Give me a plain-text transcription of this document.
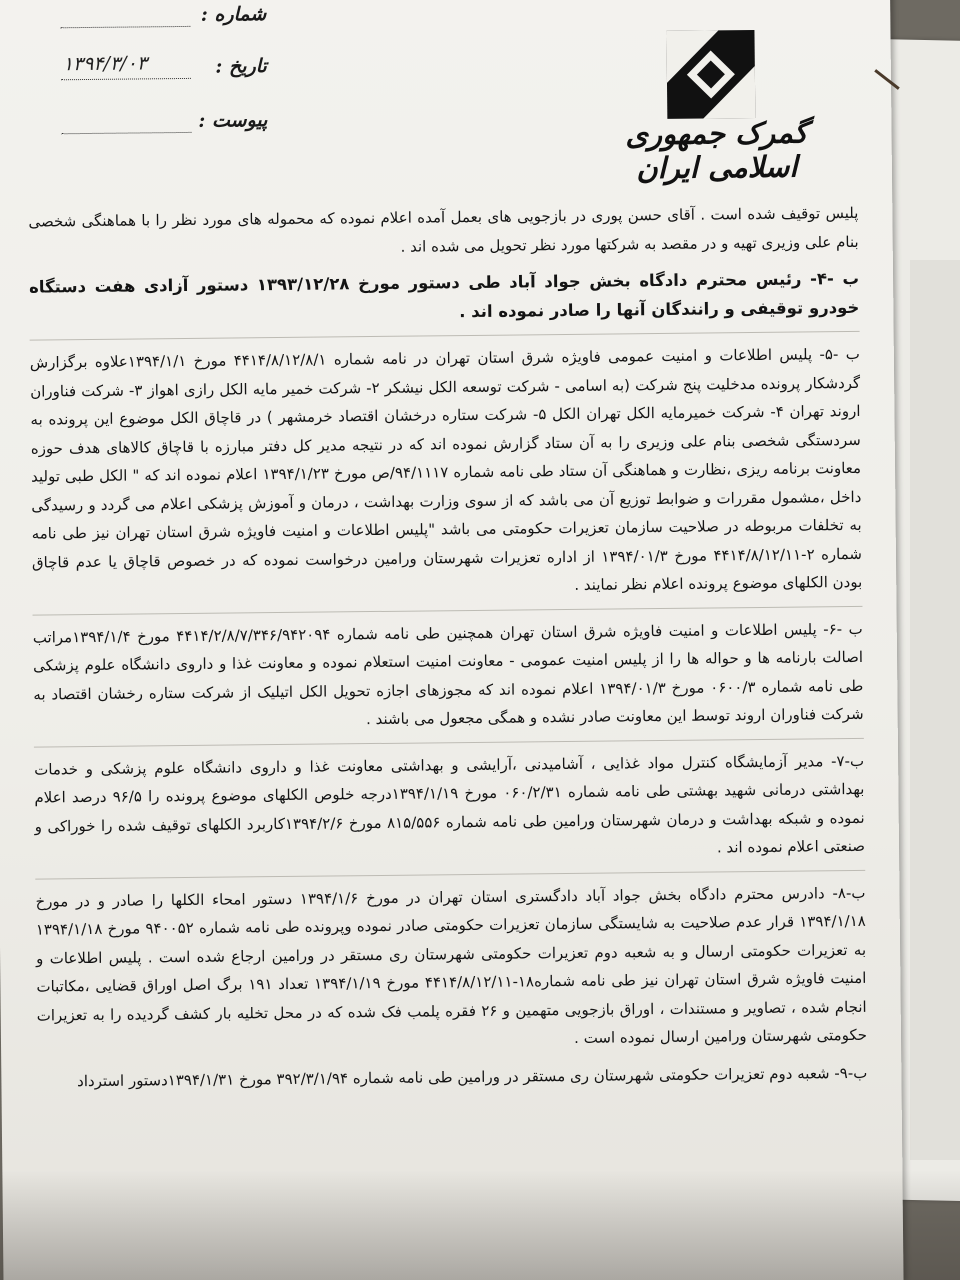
گمرک جمهوری اسلامی ایران
شماره :
تاریخ :
۱۳۹۴/۳/۰۳
پیوست :

پلیس توقیف شده است . آقای حسن پوری در بازجویی های بعمل آمده اعلام نموده که محموله های مورد نظر را با هماهنگی شخصی بنام علی وزیری تهیه و در مقصد به شرکتها مورد نظر تحویل می شده اند .

ب -۴- رئیس محترم دادگاه بخش جواد آباد طی دستور مورخ ۱۳۹۳/۱۲/۲۸ دستور آزادی هفت دستگاه خودرو توقیفی و رانندگان آنها را صادر نموده اند .

ب -۵- پلیس اطلاعات و امنیت عمومی فاویژه شرق استان تهران در نامه شماره ۴۴۱۴/۸/۱۲/۸/۱ مورخ ۱۳۹۴/۱/۱علاوه برگزارش گردشکار پرونده مدخلیت پنج شرکت (به اسامی - شرکت توسعه الکل نیشکر ۲- شرکت خمیر مایه الکل رازی اهواز ۳- شرکت فناوران اروند تهران ۴- شرکت خمیرمایه الکل تهران الکل ۵- شرکت ستاره درخشان اقتصاد خرمشهر ) در قاچاق الکل موضوع این پرونده به سردستگی شخصی بنام علی وزیری را به آن ستاد گزارش نموده اند که در نتیجه مدیر کل دفتر مبارزه با قاچاق کالاهای هدف حوزه معاونت برنامه ریزی ،نظارت و هماهنگی آن ستاد طی نامه شماره ۹۴/۱۱۱۷/ص مورخ ۱۳۹۴/۱/۲۳ اعلام نموده اند که " الکل طبی تولید داخل ،مشمول مقررات و ضوابط توزیع آن می باشد که از سوی وزارت بهداشت ، درمان و آموزش پزشکی اعلام می گردد و رسیدگی به تخلفات مربوطه در صلاحیت سازمان تعزیرات حکومتی می باشد "پلیس اطلاعات و امنیت فاویژه شرق استان تهران نیز طی نامه شماره ۲-۴۴۱۴/۸/۱۲/۱۱ مورخ ۱۳۹۴/۰۱/۳ از اداره تعزیرات شهرستان ورامین درخواست نموده که در خصوص قاچاق یا عدم قاچاق بودن الکلهای موضوع پرونده اعلام نظر نمایند .

ب -۶- پلیس اطلاعات و امنیت فاویژه شرق استان تهران همچنین طی نامه شماره ۴۴۱۴/۲/۸/۷/۳۴۶/۹۴۲۰۹۴ مورخ ۱۳۹۴/۱/۴مراتب اصالت بارنامه ها و حواله ها را از پلیس امنیت عمومی - معاونت امنیت استعلام نموده و معاونت غذا و داروی دانشگاه علوم پزشکی طی نامه شماره ۰۶۰۰/۳ مورخ ۱۳۹۴/۰۱/۳ اعلام نموده اند که مجوزهای اجازه تحویل الکل اتیلیک از شرکت ستاره رخشان اقتصاد به شرکت فناوران اروند توسط این معاونت صادر نشده و همگی مجعول می باشند .

ب-۷- مدیر آزمایشگاه کنترل مواد غذایی ، آشامیدنی ،آرایشی و بهداشتی معاونت غذا و داروی دانشگاه علوم پزشکی و خدمات بهداشتی درمانی شهید بهشتی طی نامه شماره ۰۶۰/۲/۳۱ مورخ ۱۳۹۴/۱/۱۹درجه خلوص الکلهای موضوع پرونده را ۹۶/۵ درصد اعلام نموده و شبکه بهداشت و درمان شهرستان ورامین طی نامه شماره ۸۱۵/۵۵۶ مورخ ۱۳۹۴/۲/۶کاربرد الکلهای توقیف شده را خوراکی و صنعتی اعلام نموده اند .

ب-۸- دادرس محترم دادگاه بخش جواد آباد دادگستری استان تهران در مورخ ۱۳۹۴/۱/۶ دستور امحاء الکلها را صادر و در مورخ ۱۳۹۴/۱/۱۸ قرار عدم صلاحیت به شایستگی سازمان تعزیرات حکومتی صادر نموده وپرونده طی نامه شماره ۹۴۰۰۵۲ مورخ ۱۳۹۴/۱/۱۸ به تعزیرات حکومتی ارسال و به شعبه دوم تعزیرات حکومتی شهرستان ری مستقر در ورامین ارجاع شده است . پلیس اطلاعات و امنیت فاویژه شرق استان تهران نیز طی نامه شماره۱۸-۴۴۱۴/۸/۱۲/۱۱ مورخ ۱۳۹۴/۱/۱۹ تعداد ۱۹۱ برگ اصل اوراق قضایی ،مکاتبات انجام شده ، تصاویر و مستندات ، اوراق بازجویی متهمین و ۲۶ فقره پلمب فک شده که در محل تخلیه بار کشف گردیده را به تعزیرات حکومتی شهرستان ورامین ارسال نموده است .

ب-۹- شعبه دوم تعزیرات حکومتی شهرستان ری مستقر در ورامین طی نامه شماره ۳۹۲/۳/۱/۹۴ مورخ ۱۳۹۴/۱/۳۱دستور استرداد
